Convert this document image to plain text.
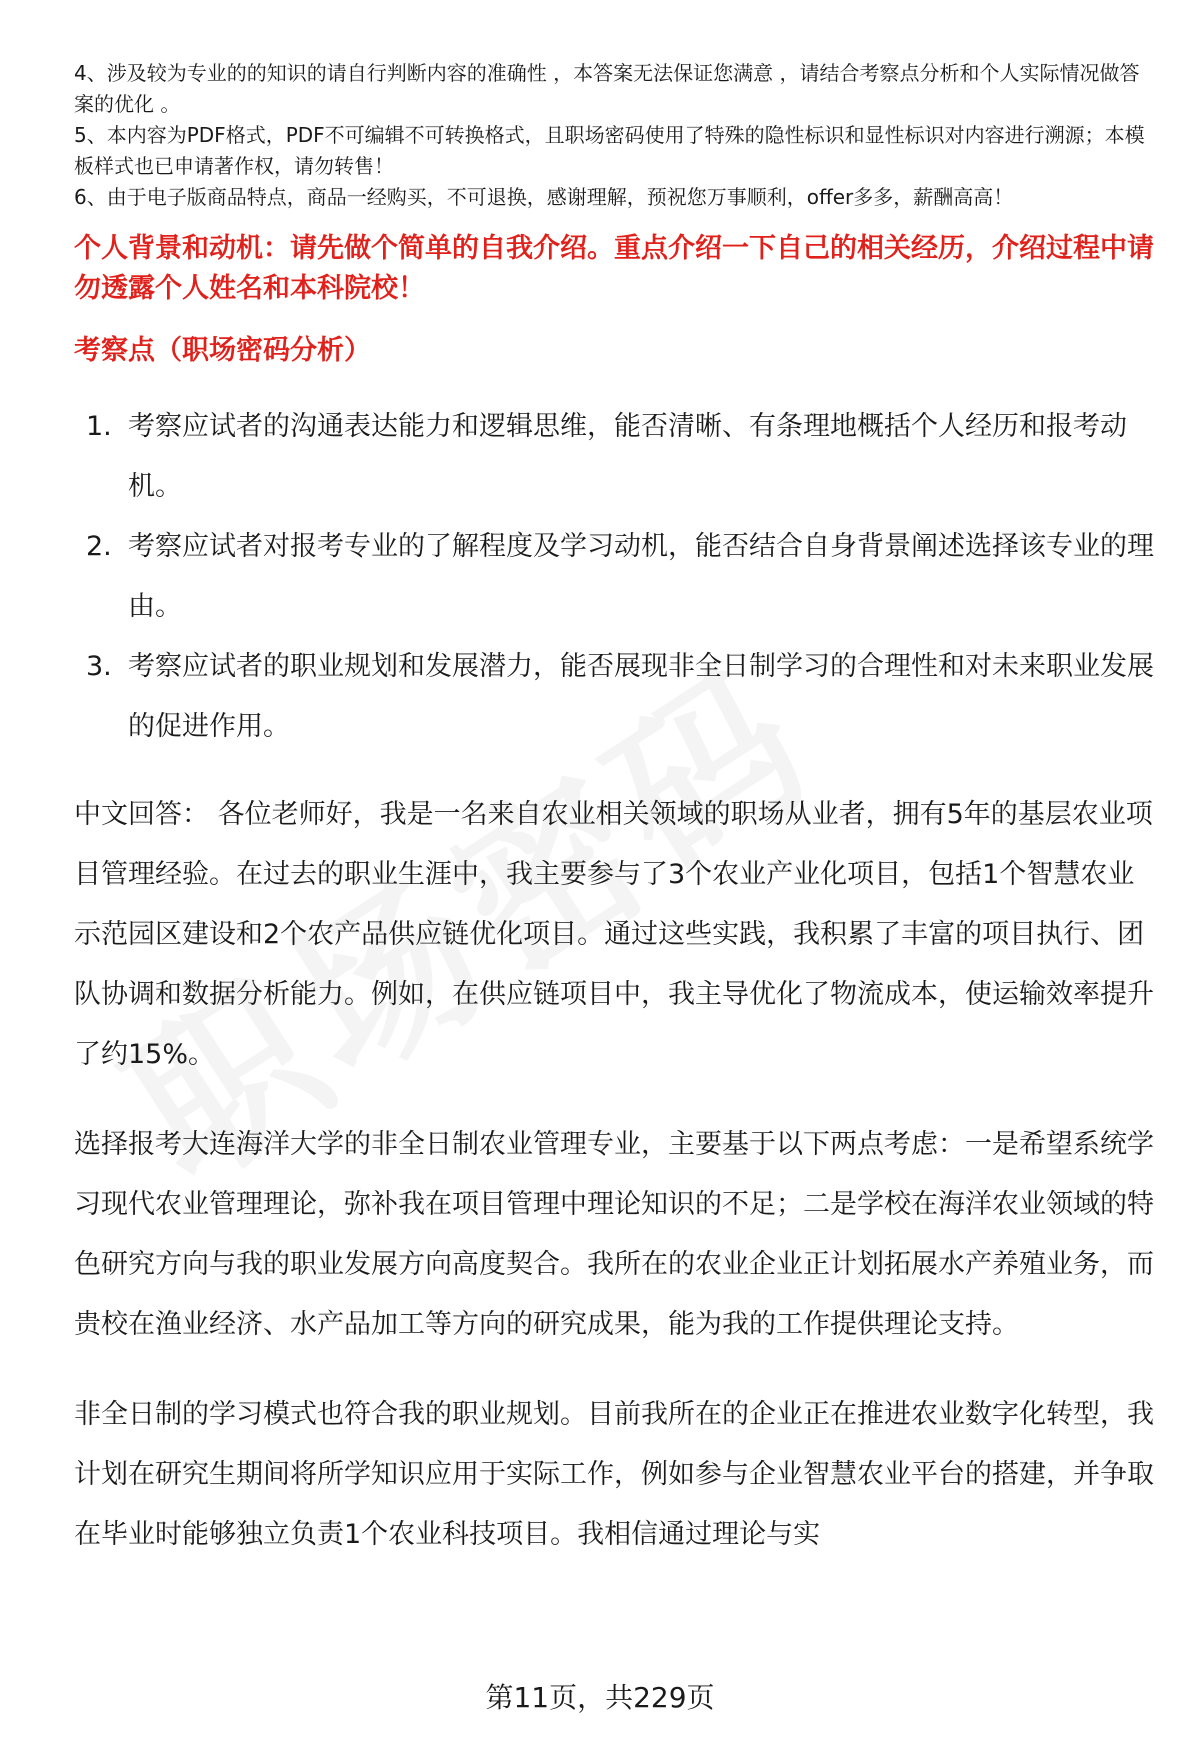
4、涉及较为专业的的知识的请自行判断内容的准确性 ，本答案无法保证您满意 ，请结合考察点分析和个人实际情况做答案的优化 。

5、本内容为PDF格式，PDF不可编辑不可转换格式，且职场密码使用了特殊的隐性标识和显性标识对内容进行溯源；本模板样式也已申请著作权，请勿转售！

6、由于电子版商品特点，商品一经购买，不可退换，感谢理解，预祝您万事顺利，offer多多，薪酬高高！

个人背景和动机：请先做个简单的自我介绍。重点介绍一下自己的相关经历，介绍过程中请勿透露个人姓名和本科院校！

考察点（职场密码分析）

1. 考察应试者的沟通表达能力和逻辑思维，能否清晰、有条理地概括个人经历和报考动机。
2. 考察应试者对报考专业的了解程度及学习动机，能否结合自身背景阐述选择该专业的理由。
3. 考察应试者的职业规划和发展潜力，能否展现非全日制学习的合理性和对未来职业发展的促进作用。

中文回答： 各位老师好，我是一名来自农业相关领域的职场从业者，拥有5年的基层农业项目管理经验。在过去的职业生涯中，我主要参与了3个农业产业化项目，包括1个智慧农业示范园区建设和2个农产品供应链优化项目。通过这些实践，我积累了丰富的项目执行、团队协调和数据分析能力。例如，在供应链项目中，我主导优化了物流成本，使运输效率提升了约15%。

选择报考大连海洋大学的非全日制农业管理专业，主要基于以下两点考虑：一是希望系统学习现代农业管理理论，弥补我在项目管理中理论知识的不足；二是学校在海洋农业领域的特色研究方向与我的职业发展方向高度契合。我所在的农业企业正计划拓展水产养殖业务，而贵校在渔业经济、水产品加工等方向的研究成果，能为我的工作提供理论支持。

非全日制的学习模式也符合我的职业规划。目前我所在的企业正在推进农业数字化转型，我计划在研究生期间将所学知识应用于实际工作，例如参与企业智慧农业平台的搭建，并争取在毕业时能够独立负责1个农业科技项目。我相信通过理论与实

第11页，共229页
